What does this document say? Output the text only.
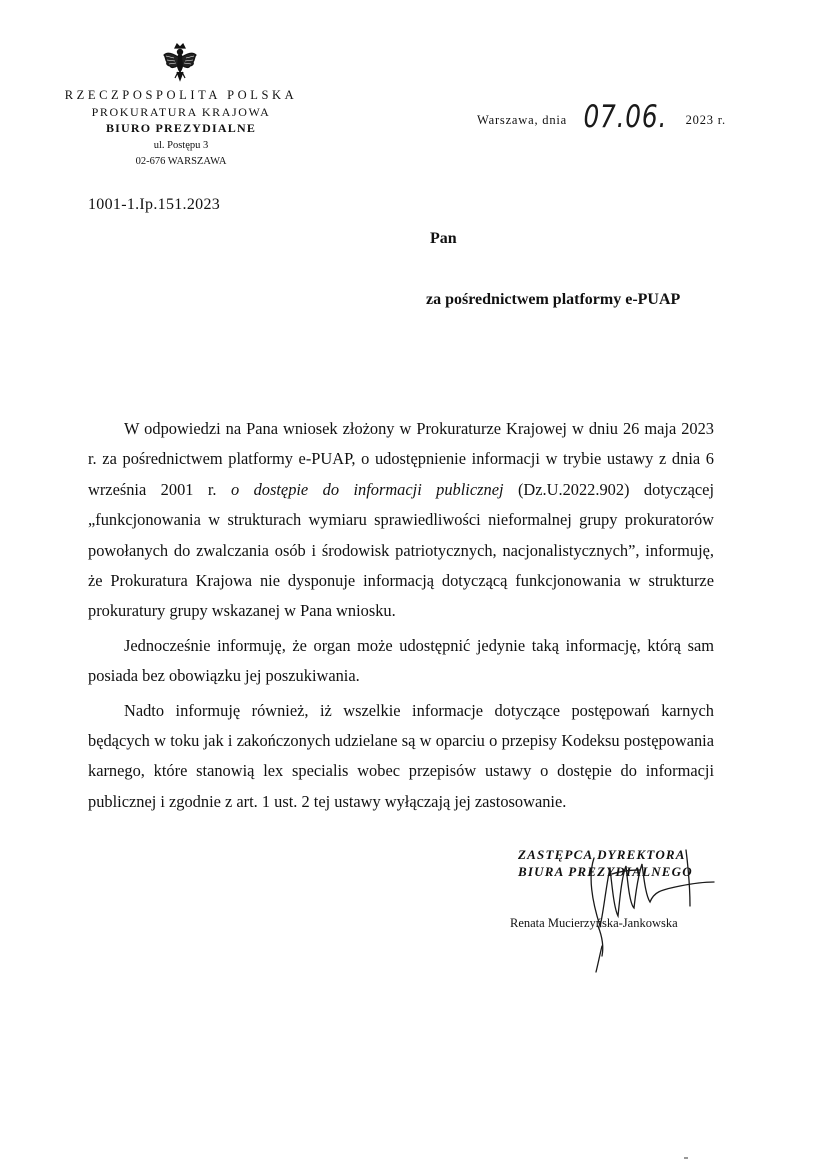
RZECZPOSPOLITA POLSKA
PROKURATURA KRAJOWA
BIURO PREZYDIALNE
ul. Postępu 3
02-676 WARSZAWA
1001-1.Ip.151.2023
Warszawa, dnia 07.06. 2023 r.
Pan
za pośrednictwem platformy e-PUAP

W odpowiedzi na Pana wniosek złożony w Prokuraturze Krajowej w dniu 26 maja 2023 r. za pośrednictwem platformy e-PUAP, o udostępnienie informacji w trybie ustawy z dnia 6 września 2001 r. o dostępie do informacji publicznej (Dz.U.2022.902) dotyczącej „funkcjonowania w strukturach wymiaru sprawiedliwości nieformalnej grupy prokuratorów powołanych do zwalczania osób i środowisk patriotycznych, nacjonalistycznych”, informuję, że Prokuratura Krajowa nie dysponuje informacją dotyczącą funkcjonowania w strukturze prokuratury grupy wskazanej w Pana wniosku.

Jednocześnie informuję, że organ może udostępnić jedynie taką informację, którą sam posiada bez obowiązku jej poszukiwania.

Nadto informuję również, iż wszelkie informacje dotyczące postępowań karnych będących w toku jak i zakończonych udzielane są w oparciu o przepisy Kodeksu postępowania karnego, które stanowią lex specialis wobec przepisów ustawy o dostępie do informacji publicznej i zgodnie z art. 1 ust. 2 tej ustawy wyłączają jej zastosowanie.

ZASTĘPCA DYREKTORA
BIURA PREZYDIALNEGO
Renata Mucierzyńska-Jankowska
